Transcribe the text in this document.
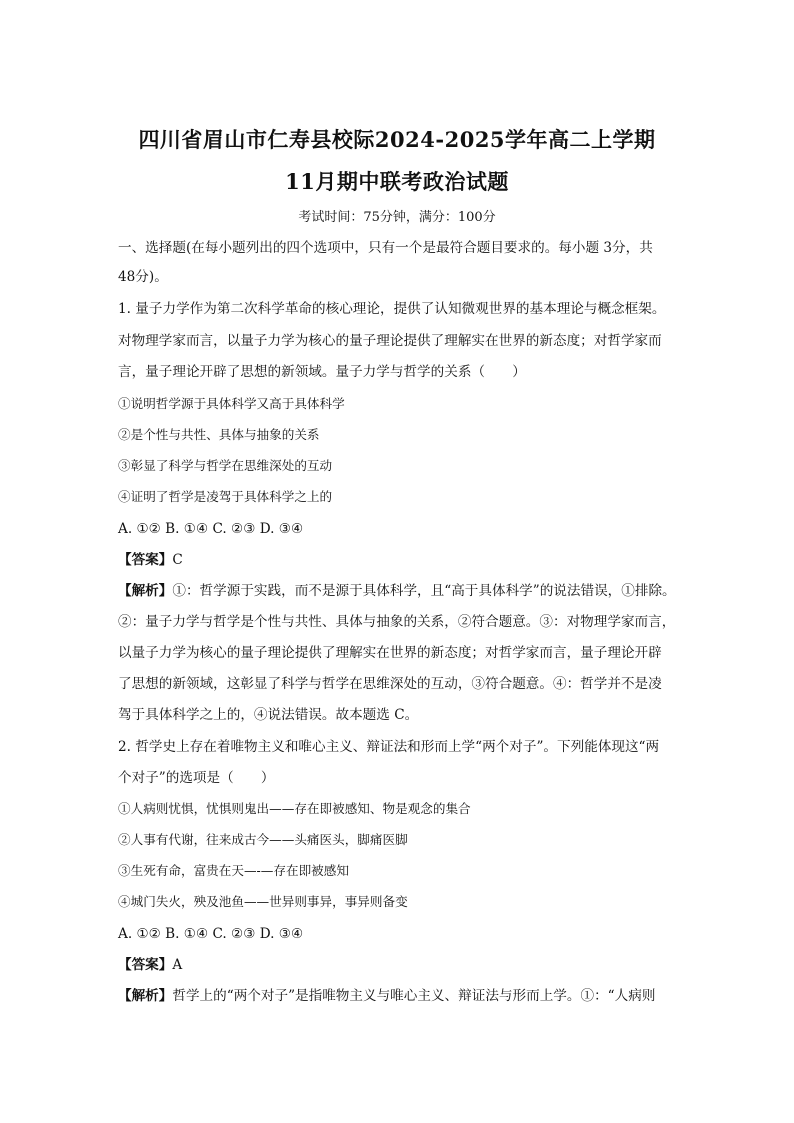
四川省眉山市仁寿县校际2024-2025学年高二上学期
11月期中联考政治试题
考试时间：75分钟，满分：100分
一、选择题(在每小题列出的四个选项中，只有一个是最符合题目要求的。每小题 3分，共
48分)。
1. 量子力学作为第二次科学革命的核心理论，提供了认知微观世界的基本理论与概念框架。
对物理学家而言，以量子力学为核心的量子理论提供了理解实在世界的新态度；对哲学家而
言，量子理论开辟了思想的新领域。量子力学与哲学的关系（　　）
①说明哲学源于具体科学又高于具体科学
②是个性与共性、具体与抽象的关系
③彰显了科学与哲学在思维深处的互动
④证明了哲学是凌驾于具体科学之上的
A. ①② B. ①④ C. ②③ D. ③④
【答案】C
【解析】①：哲学源于实践，而不是源于具体科学，且“高于具体科学”的说法错误，①排除。
②：量子力学与哲学是个性与共性、具体与抽象的关系，②符合题意。③：对物理学家而言，
以量子力学为核心的量子理论提供了理解实在世界的新态度；对哲学家而言，量子理论开辟
了思想的新领域，这彰显了科学与哲学在思维深处的互动，③符合题意。④：哲学并不是凌
驾于具体科学之上的，④说法错误。故本题选 C。
2. 哲学史上存在着唯物主义和唯心主义、辩证法和形而上学“两个对子”。下列能体现这“两
个对子”的选项是（　　）
①人病则忧惧，忧惧则鬼出——存在即被感知、物是观念的集合
②人事有代谢，往来成古今——头痛医头，脚痛医脚
③生死有命，富贵在天—-—存在即被感知
④城门失火，殃及池鱼——世异则事异，事异则备变
A. ①② B. ①④ C. ②③ D. ③④
【答案】A
【解析】哲学上的“两个对子”是指唯物主义与唯心主义、辩证法与形而上学。①：“人病则
